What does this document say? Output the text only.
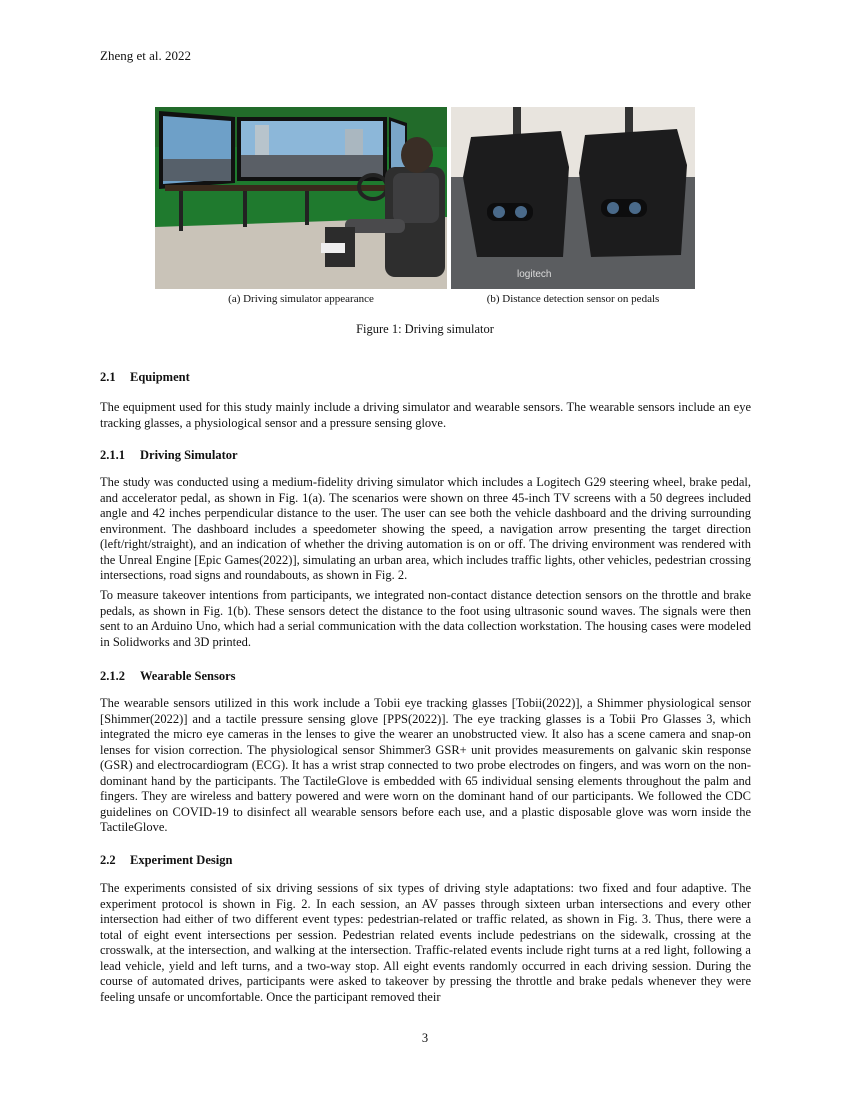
Zheng et al. 2022
logitech
(a) Driving simulator appearance	(b) Distance detection sensor on pedals
Figure 1: Driving simulator
2.1 Equipment

The equipment used for this study mainly include a driving simulator and wearable sensors. The wearable sensors include an eye tracking glasses, a physiological sensor and a pressure sensing glove.

2.1.1 Driving Simulator

The study was conducted using a medium-fidelity driving simulator which includes a Logitech G29 steering wheel, brake pedal, and accelerator pedal, as shown in Fig. 1(a). The scenarios were shown on three 45-inch TV screens with a 50 degrees included angle and 42 inches perpendicular distance to the user. The user can see both the vehicle dashboard and the driving surrounding environment. The dashboard includes a speedometer showing the speed, a navigation arrow presenting the target direction (left/right/straight), and an indication of whether the driving automation is on or off. The driving environment was rendered with the Unreal Engine [Epic Games(2022)], simulating an urban area, which includes traffic lights, other vehicles, pedestrian crossing intersections, road signs and roundabouts, as shown in Fig. 2.

To measure takeover intentions from participants, we integrated non-contact distance detection sensors on the throttle and brake pedals, as shown in Fig. 1(b). These sensors detect the distance to the foot using ultrasonic sound waves. The signals were then sent to an Arduino Uno, which had a serial communication with the data collection workstation. The housing cases were modeled in Solidworks and 3D printed.

2.1.2 Wearable Sensors

The wearable sensors utilized in this work include a Tobii eye tracking glasses [Tobii(2022)], a Shimmer physiological sensor [Shimmer(2022)] and a tactile pressure sensing glove [PPS(2022)]. The eye tracking glasses is a Tobii Pro Glasses 3, which integrated the micro eye cameras in the lenses to give the wearer an unobstructed view. It also has a scene camera and snap-on lenses for vision correction. The physiological sensor Shimmer3 GSR+ unit provides measurements on galvanic skin response (GSR) and electrocardiogram (ECG). It has a wrist strap connected to two probe electrodes on fingers, and was worn on the non-dominant hand by the participants. The TactileGlove is embedded with 65 individual sensing elements throughout the palm and fingers. They are wireless and battery powered and were worn on the dominant hand of our participants. We followed the CDC guidelines on COVID-19 to disinfect all wearable sensors before each use, and a plastic disposable glove was worn inside the TactileGlove.

2.2 Experiment Design

The experiments consisted of six driving sessions of six types of driving style adaptations: two fixed and four adaptive. The experiment protocol is shown in Fig. 2. In each session, an AV passes through sixteen urban intersections and every other intersection had either of two different event types: pedestrian-related or traffic related, as shown in Fig. 3. Thus, there were a total of eight event intersections per session. Pedestrian related events include pedestrians on the sidewalk, crossing at the crosswalk, at the intersection, and walking at the intersection. Traffic-related events include right turns at a red light, following a lead vehicle, yield and left turns, and a two-way stop. All eight events randomly occurred in each driving session. During the course of automated drives, participants were asked to takeover by pressing the throttle and brake pedals whenever they were feeling unsafe or uncomfortable. Once the participant removed their

3
